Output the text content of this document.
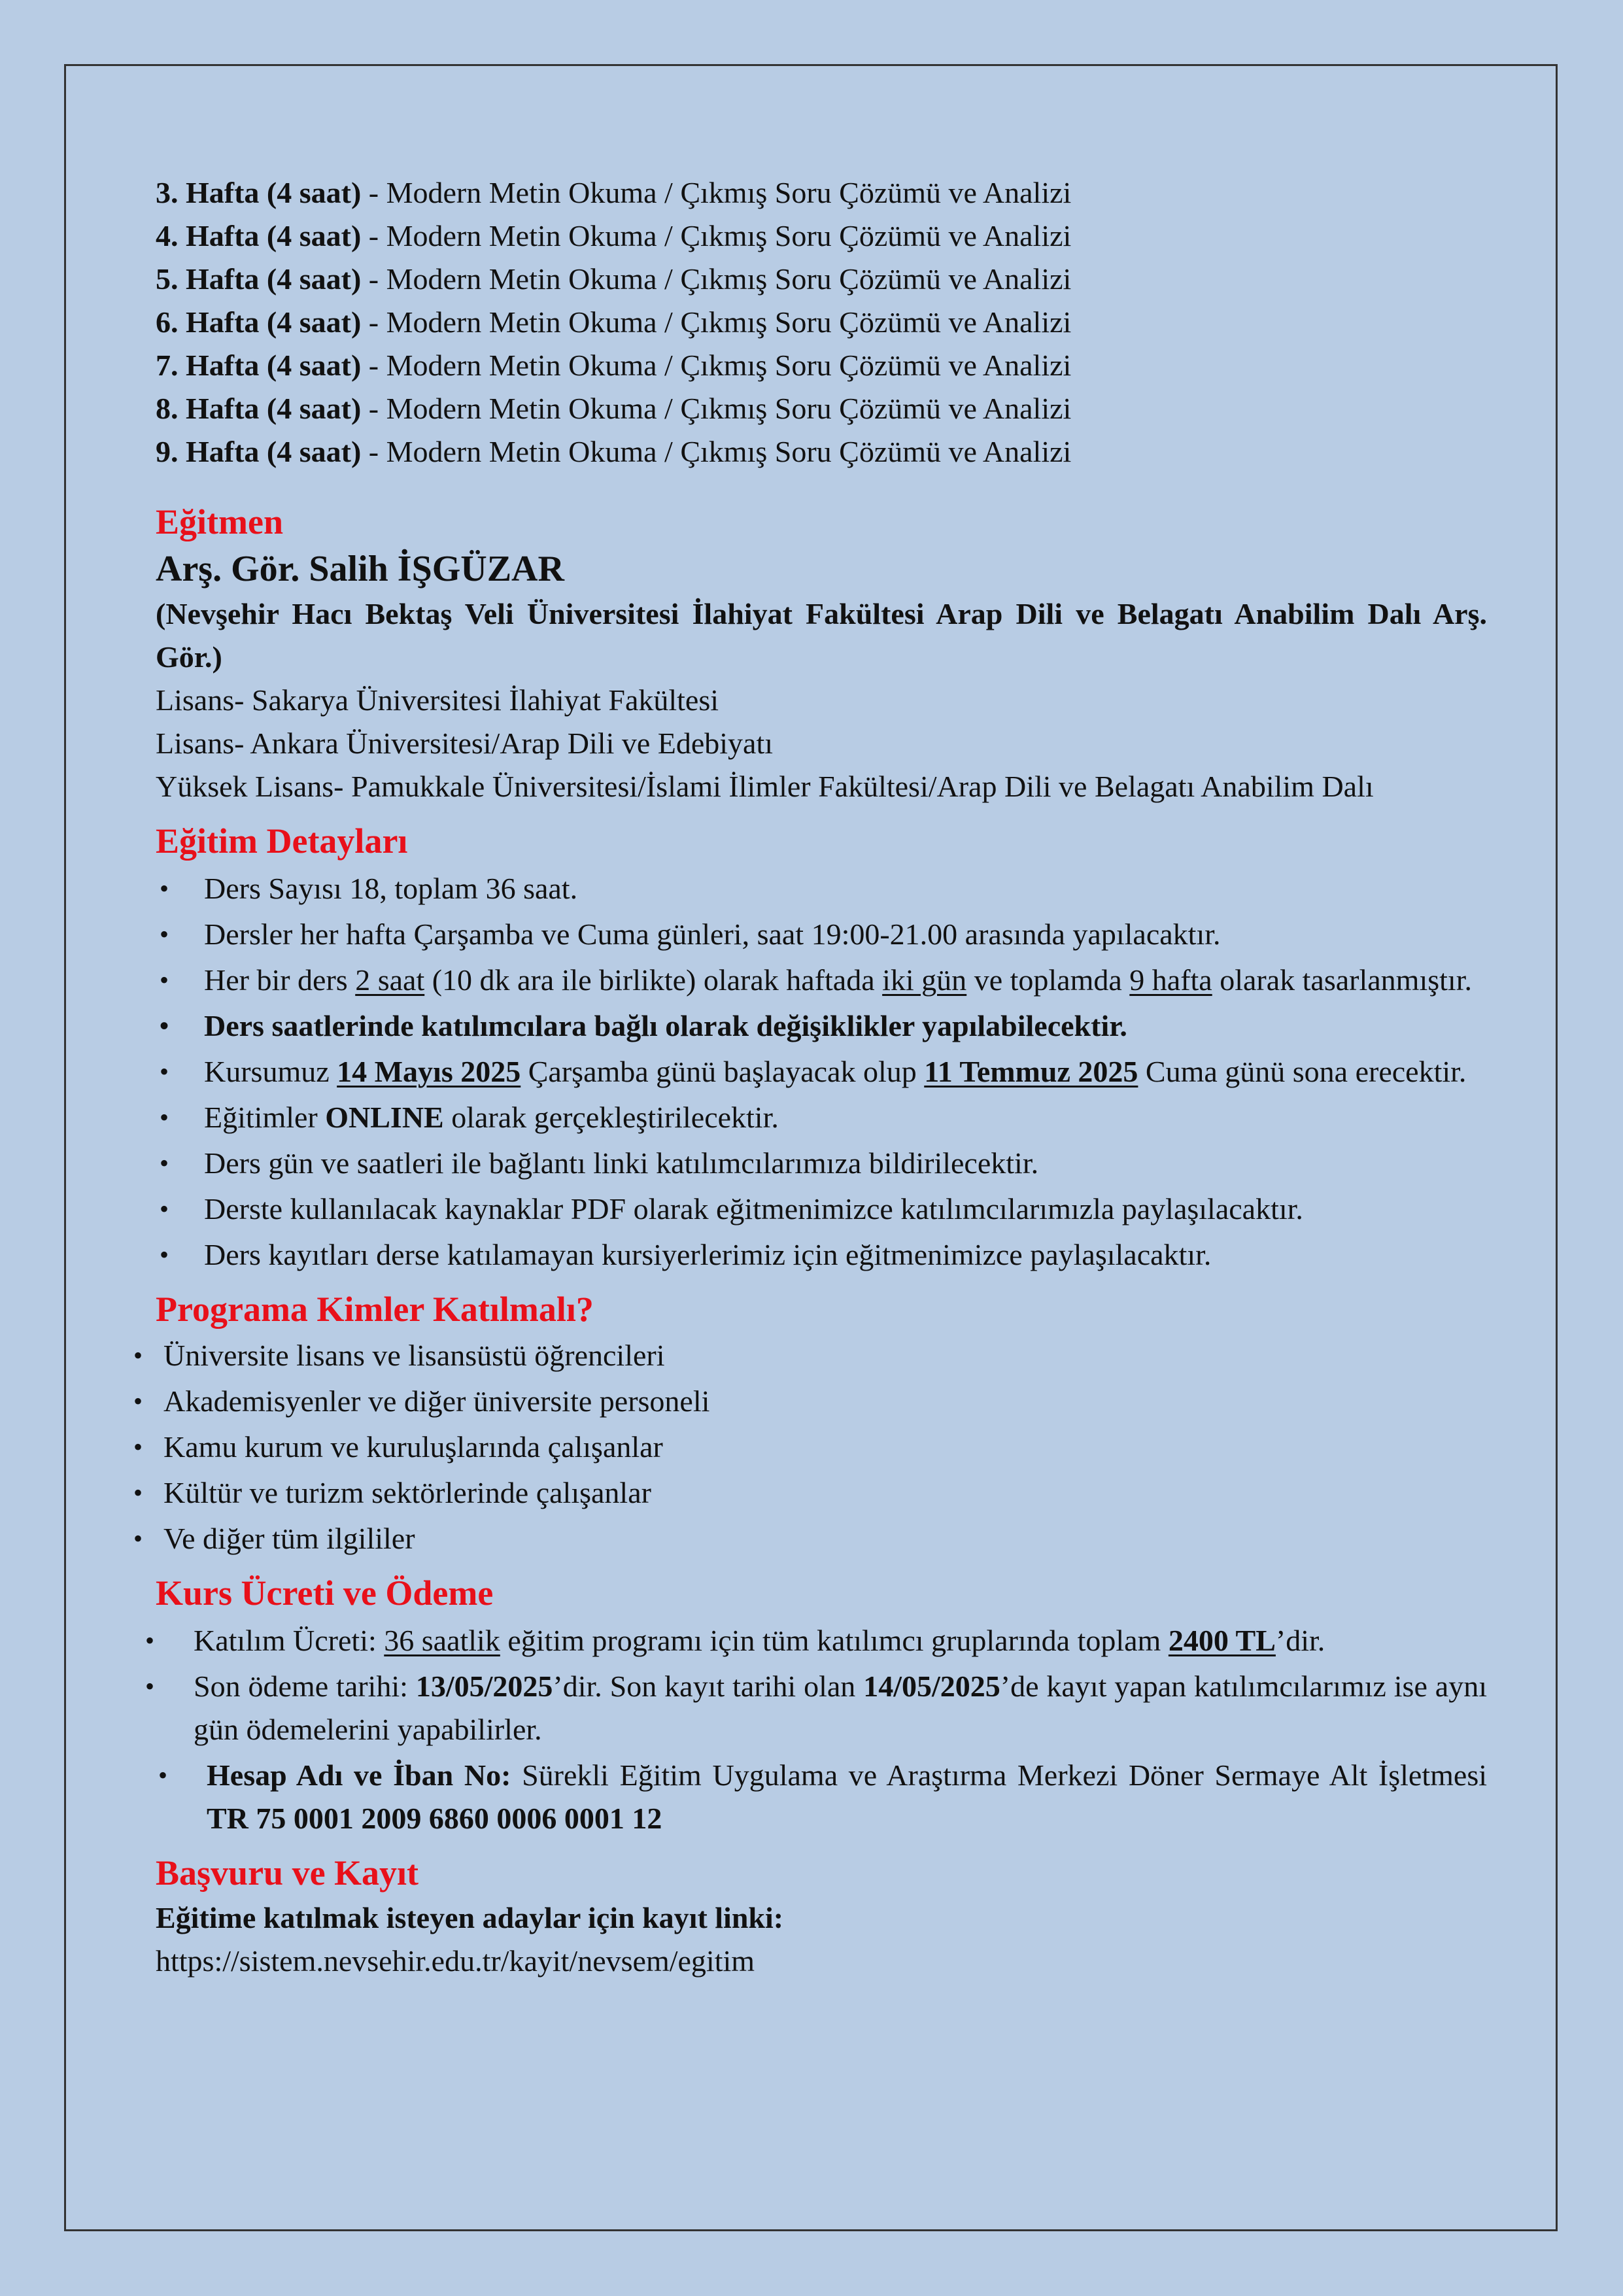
3. Hafta (4 saat) - Modern Metin Okuma / Çıkmış Soru Çözümü ve Analizi
4. Hafta (4 saat) - Modern Metin Okuma / Çıkmış Soru Çözümü ve Analizi
5. Hafta (4 saat) - Modern Metin Okuma / Çıkmış Soru Çözümü ve Analizi
6. Hafta (4 saat) - Modern Metin Okuma / Çıkmış Soru Çözümü ve Analizi
7. Hafta (4 saat) - Modern Metin Okuma / Çıkmış Soru Çözümü ve Analizi
8. Hafta (4 saat) - Modern Metin Okuma / Çıkmış Soru Çözümü ve Analizi
9. Hafta (4 saat) - Modern Metin Okuma / Çıkmış Soru Çözümü ve Analizi
Eğitmen
Arş. Gör. Salih İŞGÜZAR
(Nevşehir Hacı Bektaş Veli Üniversitesi İlahiyat Fakültesi Arap Dili ve Belagatı Anabilim Dalı Arş. Gör.)
Lisans- Sakarya Üniversitesi İlahiyat Fakültesi
Lisans- Ankara Üniversitesi/Arap Dili ve Edebiyatı
Yüksek Lisans- Pamukkale Üniversitesi/İslami İlimler Fakültesi/Arap Dili ve Belagatı Anabilim Dalı
Eğitim Detayları
• Ders Sayısı 18, toplam 36 saat.
• Dersler her hafta Çarşamba ve Cuma günleri, saat 19:00-21.00 arasında yapılacaktır.
• Her bir ders 2 saat (10 dk ara ile birlikte) olarak haftada iki gün ve toplamda 9 hafta olarak tasarlanmıştır.
• Ders saatlerinde katılımcılara bağlı olarak değişiklikler yapılabilecektir.
• Kursumuz 14 Mayıs 2025 Çarşamba günü başlayacak olup 11 Temmuz 2025 Cuma günü sona erecektir.
• Eğitimler ONLINE olarak gerçekleştirilecektir.
• Ders gün ve saatleri ile bağlantı linki katılımcılarımıza bildirilecektir.
• Derste kullanılacak kaynaklar PDF olarak eğitmenimizce katılımcılarımızla paylaşılacaktır.
• Ders kayıtları derse katılamayan kursiyerlerimiz için eğitmenimizce paylaşılacaktır.
Programa Kimler Katılmalı?
• Üniversite lisans ve lisansüstü öğrencileri
• Akademisyenler ve diğer üniversite personeli
• Kamu kurum ve kuruluşlarında çalışanlar
• Kültür ve turizm sektörlerinde çalışanlar
• Ve diğer tüm ilgililer
Kurs Ücreti ve Ödeme
• Katılım Ücreti: 36 saatlik eğitim programı için tüm katılımcı gruplarında toplam 2400 TL’dir.
• Son ödeme tarihi: 13/05/2025’dir. Son kayıt tarihi olan 14/05/2025’de kayıt yapan katılımcılarımız ise aynı gün ödemelerini yapabilirler.
• Hesap Adı ve İban No: Sürekli Eğitim Uygulama ve Araştırma Merkezi Döner Sermaye Alt İşletmesi TR 75 0001 2009 6860 0006 0001 12
Başvuru ve Kayıt
Eğitime katılmak isteyen adaylar için kayıt linki:
https://sistem.nevsehir.edu.tr/kayit/nevsem/egitim
